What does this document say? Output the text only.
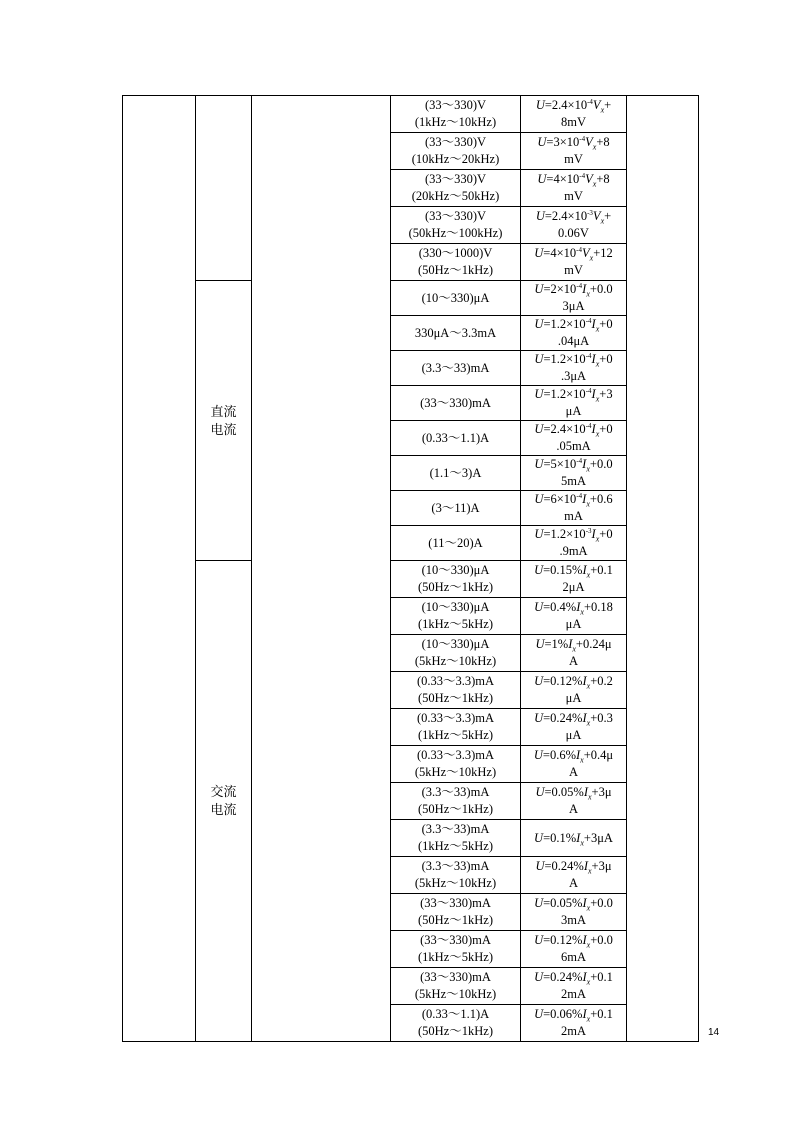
			(33～330)V
(1kHz～10kHz)	$U=2.4\times 10^{-4}V_x+$
8mV	

			(33～330)V
(10kHz～20kHz)	$U=3\times 10^{-4}V_x+8$
mV	

			(33～330)V
(20kHz～50kHz)	$U=4\times 10^{-4}V_x+8$
mV	

			(33～330)V
(50kHz～100kHz)	$U=2.4\times 10^{-3}V_x+$
0.06V	

			(330～1000)V
(50Hz～1kHz)	$U=4\times 10^{-4}V_x+12$
mV	

	直流
电流		(10～330)μA	$U=2\times 10^{-4}I_x+0.0$
3μA	

			330μA～3.3mA	$U=1.2\times 10^{-4}I_x+0$
.04μA	

			(3.3～33)mA	$U=1.2\times 10^{-4}I_x+0$
.3μA	

			(33～330)mA	$U=1.2\times 10^{-4}I_x+3$
μA	

			(0.33～1.1)A	$U=2.4\times 10^{-4}I_x+0$
.05mA	

			(1.1～3)A	$U=5\times 10^{-4}I_x+0.0$
5mA	

			(3～11)A	$U=6\times 10^{-4}I_x+0.6$
mA	

			(11～20)A	$U=1.2\times 10^{-3}I_x+0$
.9mA	

	交流
电流		(10～330)μA
(50Hz～1kHz)	$U=0.15\%I_x+0.1$
2μA	

			(10～330)μA
(1kHz～5kHz)	$U=0.4\%I_x+0.18$
μA	

			(10～330)μA
(5kHz～10kHz)	$U=1\%I_x+0.24\mu$
A	

			(0.33～3.3)mA
(50Hz～1kHz)	$U=0.12\%I_x+0.2$
μA	

			(0.33～3.3)mA
(1kHz～5kHz)	$U=0.24\%I_x+0.3$
μA	

			(0.33～3.3)mA
(5kHz～10kHz)	$U=0.6\%I_x+0.4\mu$
A	

			(3.3～33)mA
(50Hz～1kHz)	$U=0.05\%I_x+3\mu$
A	

			(3.3～33)mA
(1kHz～5kHz)	$U=0.1\%I_x+3\mu A$	

			(3.3～33)mA
(5kHz～10kHz)	$U=0.24\%I_x+3\mu$
A	

			(33～330)mA
(50Hz～1kHz)	$U=0.05\%I_x+0.0$
3mA	

			(33～330)mA
(1kHz～5kHz)	$U=0.12\%I_x+0.0$
6mA	

			(33～330)mA
(5kHz～10kHz)	$U=0.24\%I_x+0.1$
2mA	

			(0.33～1.1)A
(50Hz～1kHz)	$U=0.06\%I_x+0.1$
2mA		14
